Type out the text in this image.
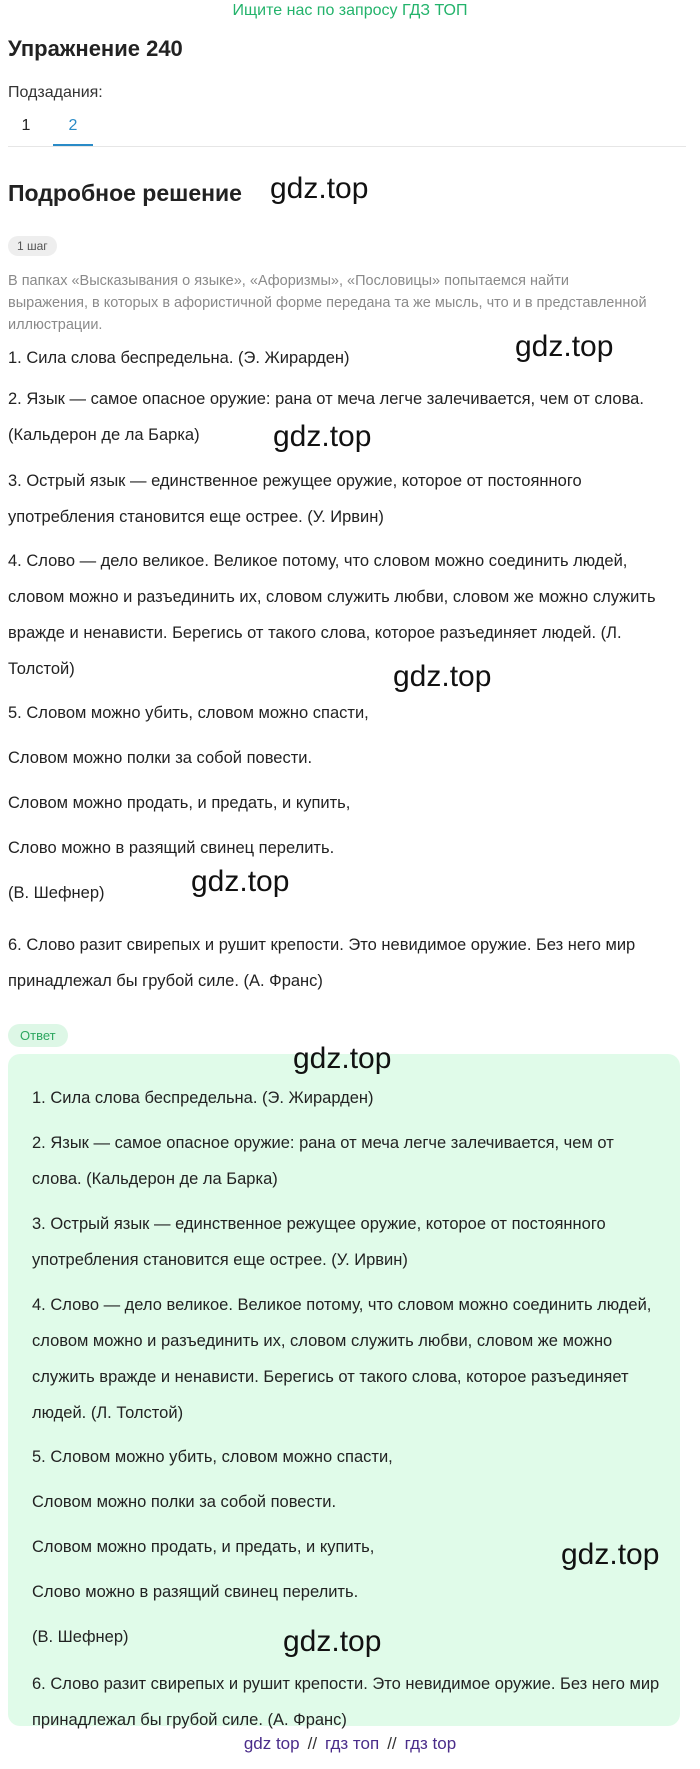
Ищите нас по запросу ГДЗ ТОП
Упражнение 240
Подзадания:
1	2
Подробное решение gdz.top
1 шаг
В папках «Высказывания о языке», «Афоризмы», «Пословицы» попытаемся найти выражения, в которых в афористичной форме передана та же мысль, что и в представленной иллюстрации.
1. Сила слова беспредельна. (Э. Жирарден)	gdz.top
2. Язык — самое опасное оружие: рана от меча легче залечивается, чем от слова. (Кальдерон де ла Барка)	gdz.top
3. Острый язык — единственное режущее оружие, которое от постоянного употребления становится еще острее. (У. Ирвин)
4. Слово — дело великое. Великое потому, что словом можно соединить людей, словом можно и разъединить их, словом служить любви, словом же можно служить вражде и ненависти. Берегись от такого слова, которое разъединяет людей. (Л. Толстой)	gdz.top
5. Словом можно убить, словом можно спасти,
Словом можно полки за собой повести.
Словом можно продать, и предать, и купить,
Слово можно в разящий свинец перелить.
(В. Шефнер)	gdz.top
6. Слово разит свирепых и рушит крепости. Это невидимое оружие. Без него мир принадлежал бы грубой силе. (А. Франс)
Ответ
gdz.top
1. Сила слова беспредельна. (Э. Жирарден)
2. Язык — самое опасное оружие: рана от меча легче залечивается, чем от слова. (Кальдерон де ла Барка)
3. Острый язык — единственное режущее оружие, которое от постоянного употребления становится еще острее. (У. Ирвин)
4. Слово — дело великое. Великое потому, что словом можно соединить людей, словом можно и разъединить их, словом служить любви, словом же можно служить вражде и ненависти. Берегись от такого слова, которое разъединяет людей. (Л. Толстой)
5. Словом можно убить, словом можно спасти,
Словом можно полки за собой повести.
Словом можно продать, и предать, и купить,	gdz.top
Слово можно в разящий свинец перелить.
(В. Шефнер)	gdz.top
6. Слово разит свирепых и рушит крепости. Это невидимое оружие. Без него мир принадлежал бы грубой силе. (А. Франс)
gdz top // гдз топ // гдз top
